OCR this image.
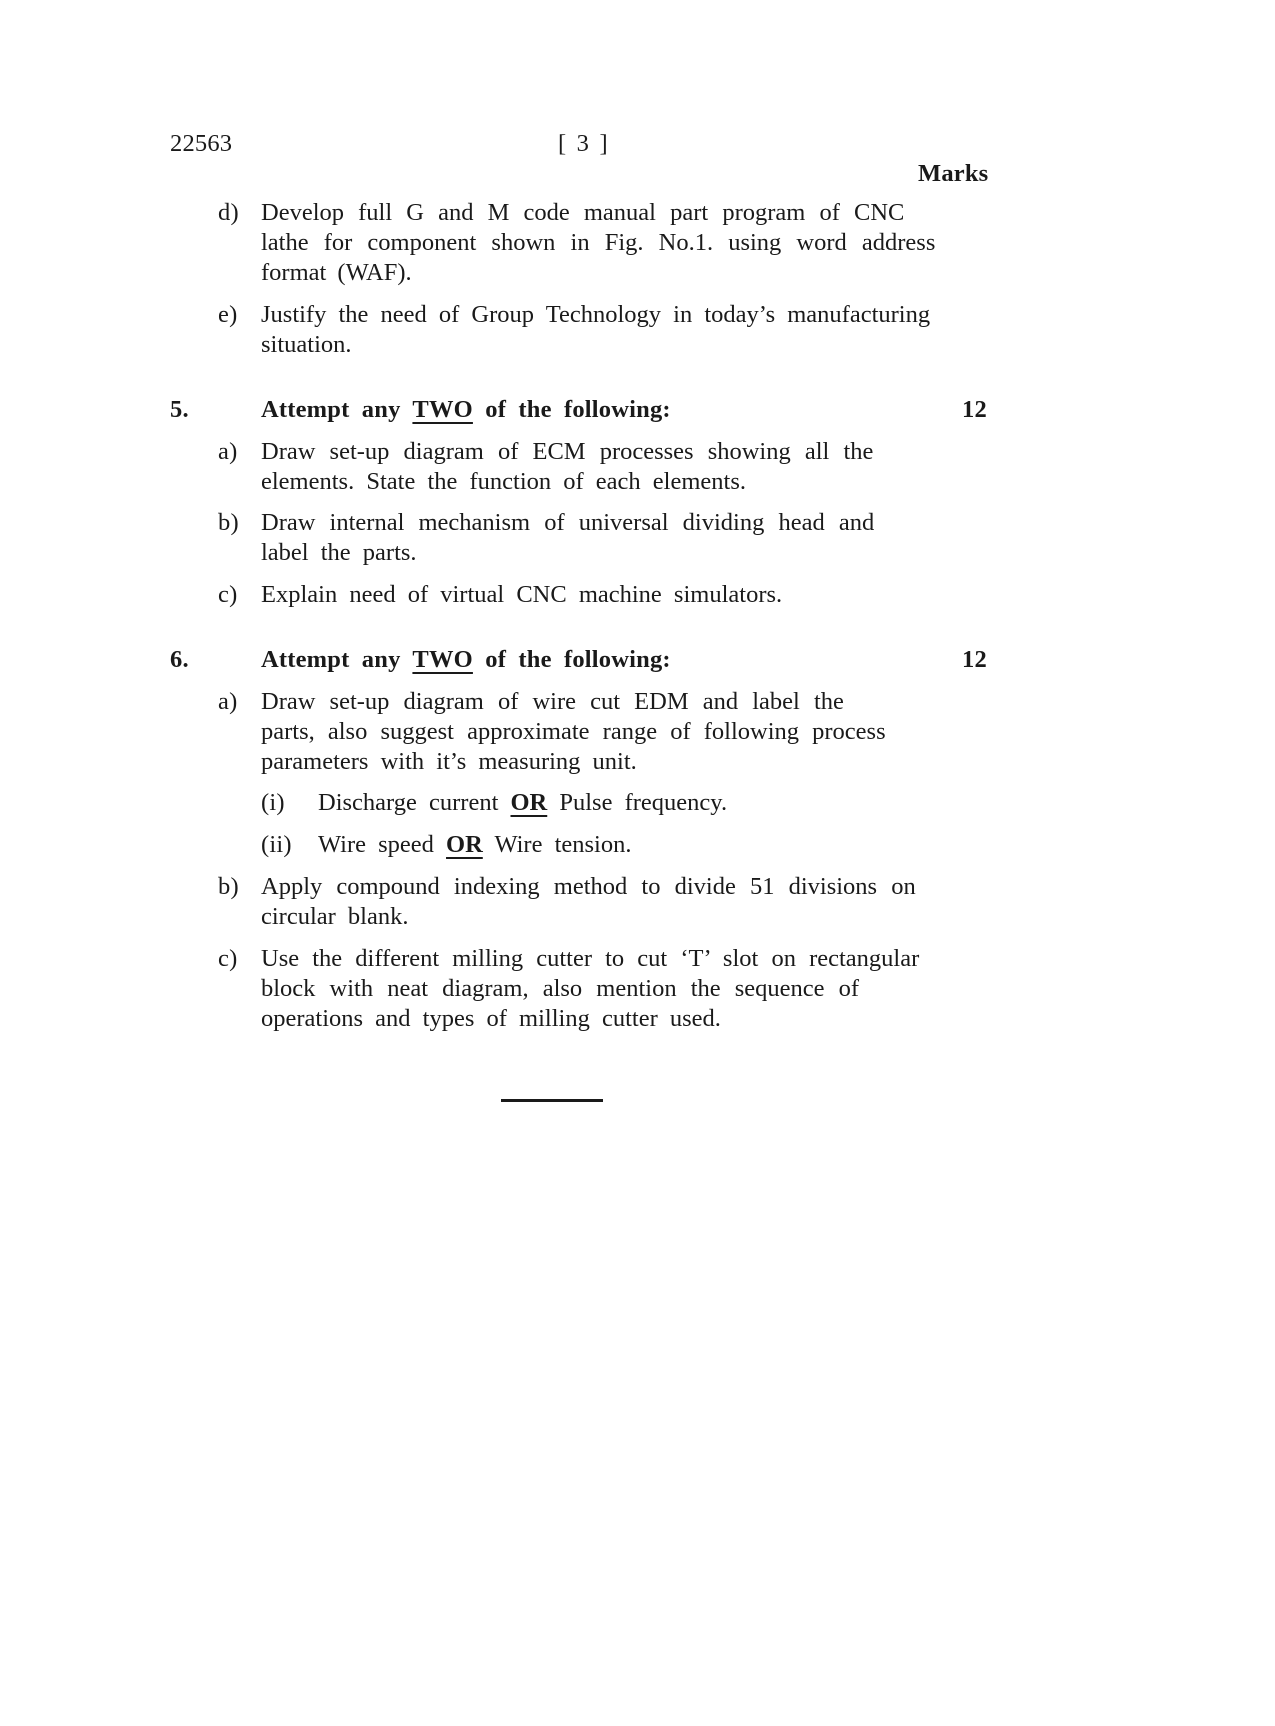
22563	[ 3 ]
Marks
d) Develop full G and M code manual part program of CNC
lathe for component shown in Fig. No.1. using word address
format (WAF).
e) Justify the need of Group Technology in today’s manufacturing
situation.
5.	Attempt any TWO of the following:	12
a) Draw set-up diagram of ECM processes showing all the
elements. State the function of each elements.
b) Draw internal mechanism of universal dividing head and
label the parts.
c) Explain need of virtual CNC machine simulators.
6.	Attempt any TWO of the following:	12
a) Draw set-up diagram of wire cut EDM and label the
parts, also suggest approximate range of following process
parameters with it’s measuring unit.
(i) Discharge current OR Pulse frequency.
(ii) Wire speed OR Wire tension.
b) Apply compound indexing method to divide 51 divisions on
circular blank.
c) Use the different milling cutter to cut ‘T’ slot on rectangular
block with neat diagram, also mention the sequence of
operations and types of milling cutter used.
